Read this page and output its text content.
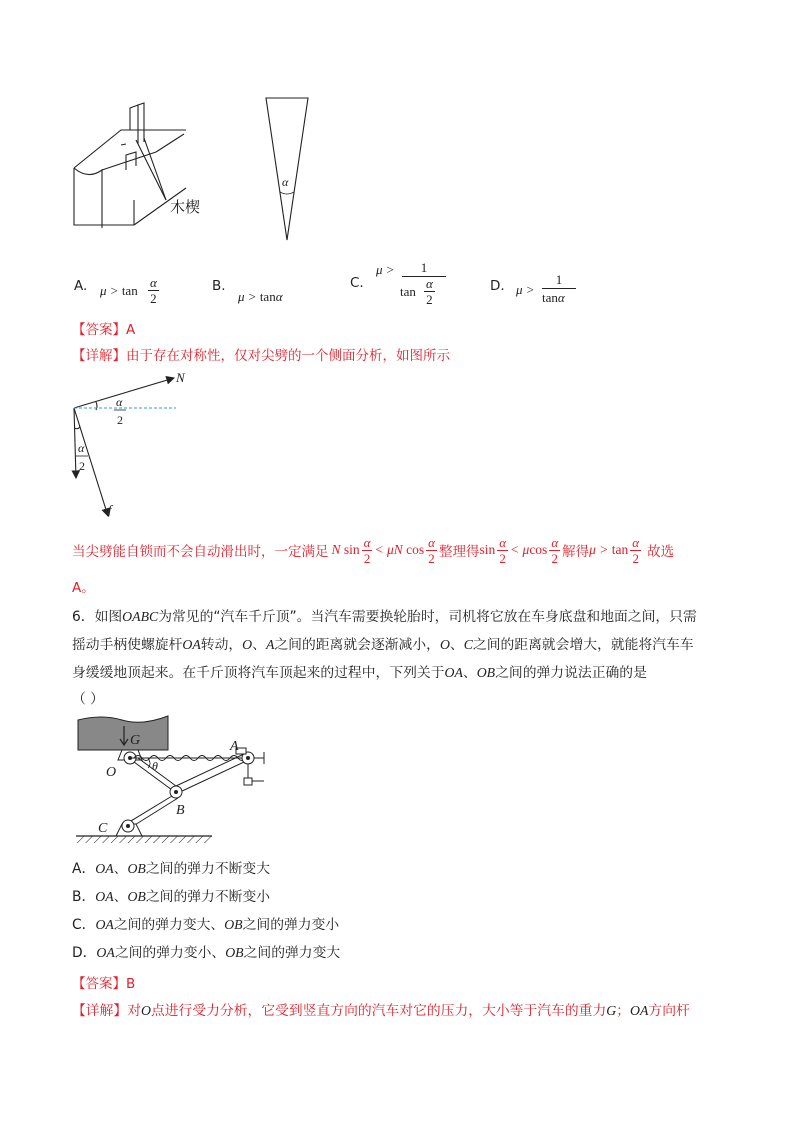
木楔
α
A. $\mu > \tan \frac{\alpha}{2}$	B.
μ > tanα
C.
μ >	1
$\tan \frac{\alpha}{2}$	D. μ >
1
tanα
【答案】A
【详解】由于存在对称性，仅对尖劈的一个侧面分析，如图所示
N
f
α
2
α
2
当尖劈能自锁而不会自动滑出时，一定满足 N $\sin \frac{\alpha}{2} < \mu N$ $\cos \frac{\alpha}{2}$ 整理得 $\sin \frac{\alpha}{2} < \mu\cos \frac{\alpha}{2}$ 解得 $\mu > \tan \frac{\alpha}{2}$ 故选
A。
6．如图OABC为常见的“汽车千斤顶”。当汽车需要换轮胎时，司机将它放在车身底盘和地面之间，只需
摇动手柄使螺旋杆OA转动，O、A之间的距离就会逐渐减小，O、C之间的距离就会增大，就能将汽车车
身缓缓地顶起来。在千斤顶将汽车顶起来的过程中，下列关于OA、OB之间的弹力说法正确的是
（ ）
G
θ
O
A
B
C
A．OA、OB之间的弹力不断变大
B．OA、OB之间的弹力不断变小
C．OA之间的弹力变大、OB之间的弹力变小
D．OA之间的弹力变小、OB之间的弹力变大
【答案】B
【详解】对O点进行受力分析，它受到竖直方向的汽车对它的压力，大小等于汽车的重力G；OA方向杆
